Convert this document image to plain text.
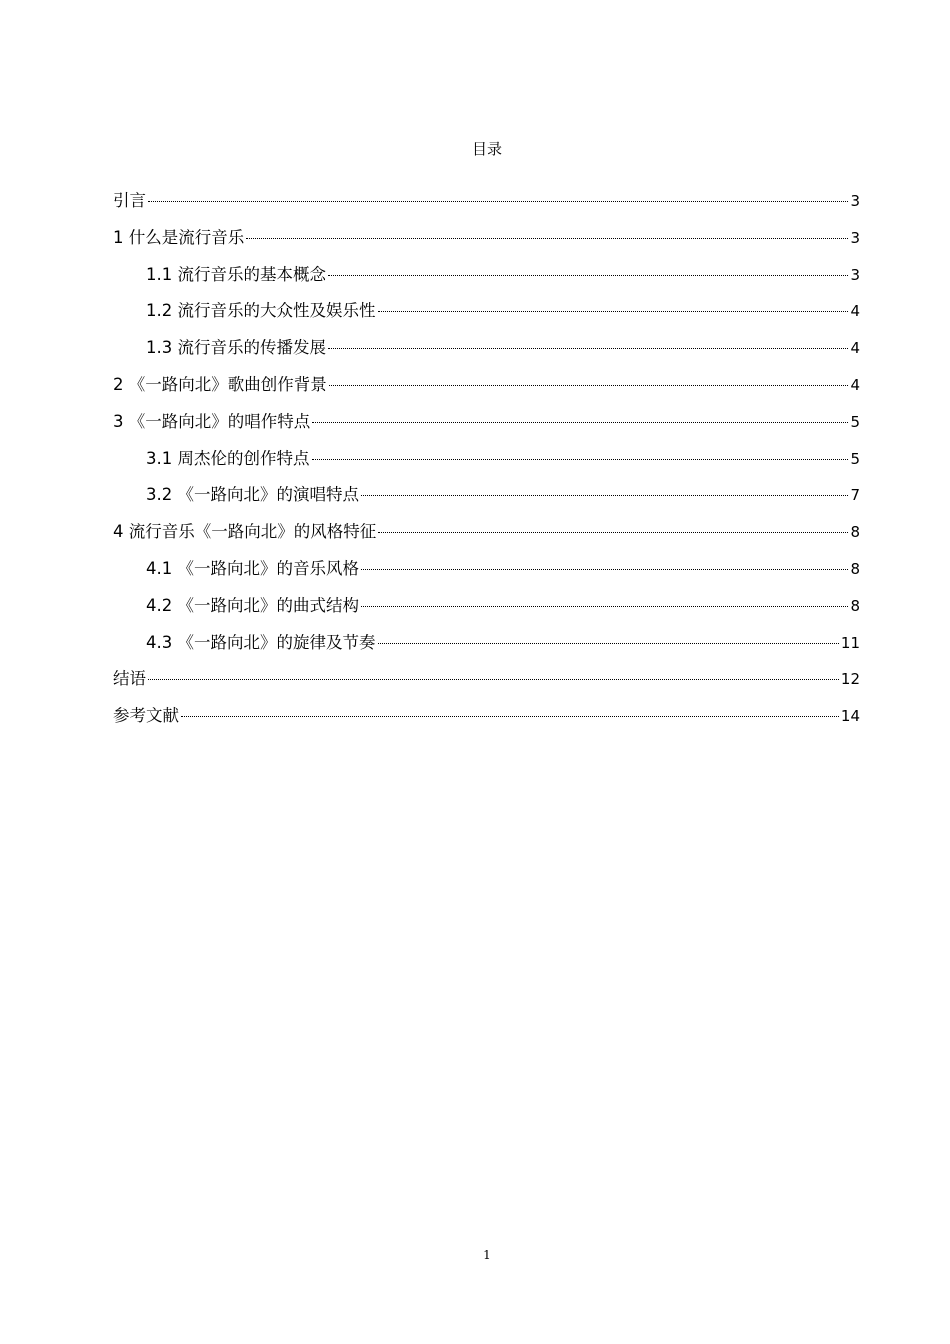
目录
引言	3
1 什么是流行音乐	3
1.1 流行音乐的基本概念	3
1.2 流行音乐的大众性及娱乐性	4
1.3 流行音乐的传播发展	4
2 《一路向北》歌曲创作背景	4
3 《一路向北》的唱作特点	5
3.1 周杰伦的创作特点	5
3.2 《一路向北》的演唱特点	7
4 流行音乐《一路向北》的风格特征	8
4.1 《一路向北》的音乐风格	8
4.2 《一路向北》的曲式结构	8
4.3 《一路向北》的旋律及节奏	11
结语	12
参考文献	14
1
